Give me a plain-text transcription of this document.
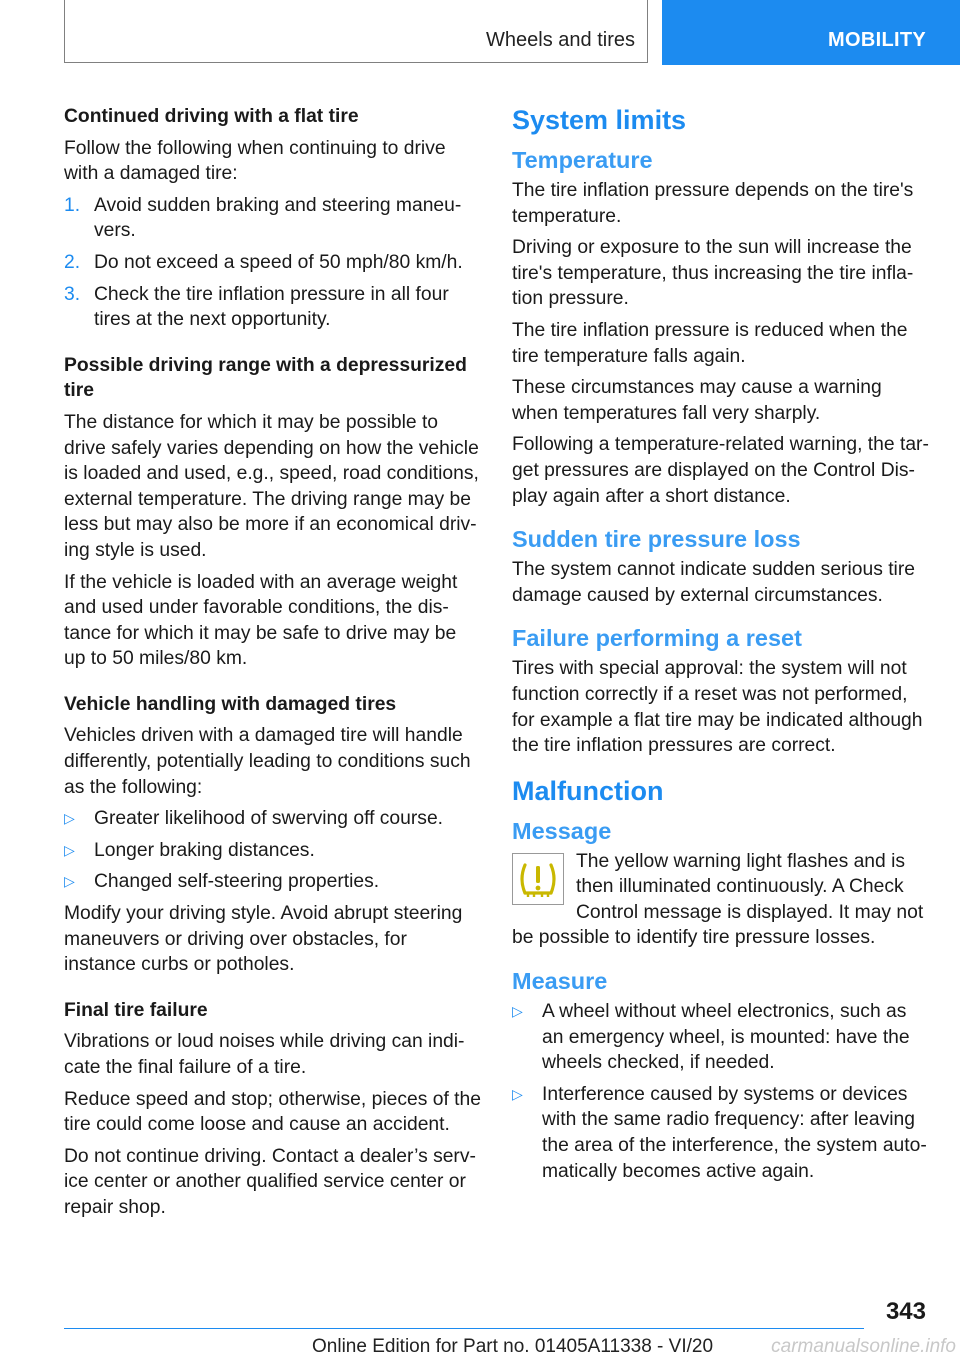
Wheels and tires	MOBILITY
Continued driving with a flat tire

Follow the following when continuing to drive with a damaged tire:

1. Avoid sudden braking and steering maneu-vers.
2. Do not exceed a speed of 50 mph/80 km/h.
3. Check the tire inflation pressure in all four tires at the next opportunity.
Possible driving range with a depressurized tire

The distance for which it may be possible to drive safely varies depending on how the vehicle is loaded and used, e.g., speed, road conditions, external temperature. The driving range may be less but may also be more if an economical driv-ing style is used.

If the vehicle is loaded with an average weight and used under favorable conditions, the dis-tance for which it may be safe to drive may be up to 50 miles/80 km.

Vehicle handling with damaged tires

Vehicles driven with a damaged tire will handle differently, potentially leading to conditions such as the following:

▷ Greater likelihood of swerving off course.
▷ Longer braking distances.
▷ Changed self-steering properties.

Modify your driving style. Avoid abrupt steering maneuvers or driving over obstacles, for instance curbs or potholes.

Final tire failure

Vibrations or loud noises while driving can indi-cate the final failure of a tire.

Reduce speed and stop; otherwise, pieces of the tire could come loose and cause an accident.

Do not continue driving. Contact a dealer’s serv-ice center or another qualified service center or repair shop.

System limits
Temperature

The tire inflation pressure depends on the tire's temperature.

Driving or exposure to the sun will increase the tire's temperature, thus increasing the tire infla-tion pressure.

The tire inflation pressure is reduced when the tire temperature falls again.

These circumstances may cause a warning when temperatures fall very sharply.

Following a temperature-related warning, the tar-get pressures are displayed on the Control Dis-play again after a short distance.

Sudden tire pressure loss

The system cannot indicate sudden serious tire damage caused by external circumstances.

Failure performing a reset

Tires with special approval: the system will not function correctly if a reset was not performed, for example a flat tire may be indicated although the tire inflation pressures are correct.

Malfunction
Message

The yellow warning light flashes and is then illuminated continuously. A Check Control message is displayed. It may not be possible to identify tire pressure losses.

Measure
▷ A wheel without wheel electronics, such as an emergency wheel, is mounted: have the wheels checked, if needed.
▷ Interference caused by systems or devices with the same radio frequency: after leaving the area of the interference, the system auto-matically becomes active again.
343
Online Edition for Part no. 01405A11338 - VI/20	carmanualsonline.info
